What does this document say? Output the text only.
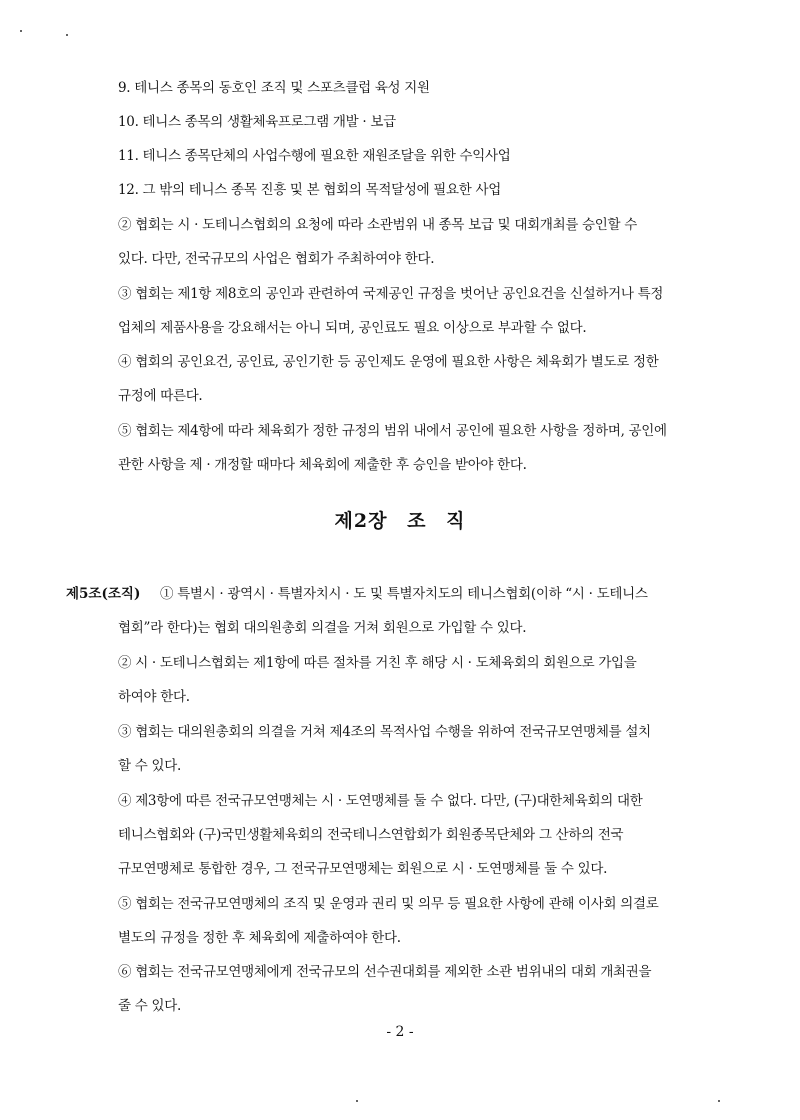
9. 테니스 종목의 동호인 조직 및 스포츠클럽 육성 지원
10. 테니스 종목의 생활체육프로그램 개발 · 보급
11. 테니스 종목단체의 사업수행에 필요한 재원조달을 위한 수익사업
12. 그 밖의 테니스 종목 진흥 및 본 협회의 목적달성에 필요한 사업
② 협회는 시 · 도테니스협회의 요청에 따라 소관범위 내 종목 보급 및 대회개최를 승인할 수
있다. 다만, 전국규모의 사업은 협회가 주최하여야 한다.
③ 협회는 제1항 제8호의 공인과 관련하여 국제공인 규정을 벗어난 공인요건을 신설하거나 특정
업체의 제품사용을 강요해서는 아니 되며, 공인료도 필요 이상으로 부과할 수 없다.
④ 협회의 공인요건, 공인료, 공인기한 등 공인제도 운영에 필요한 사항은 체육회가 별도로 정한
규정에 따른다.
⑤ 협회는 제4항에 따라 체육회가 정한 규정의 범위 내에서 공인에 필요한 사항을 정하며, 공인에
관한 사항을 제 · 개정할 때마다 체육회에 제출한 후 승인을 받아야 한다.
제2장 조 직
제5조(조직) ① 특별시 · 광역시 · 특별자치시 · 도 및 특별자치도의 테니스협회(이하 “시 · 도테니스
협회”라 한다)는 협회 대의원총회 의결을 거쳐 회원으로 가입할 수 있다.
② 시 · 도테니스협회는 제1항에 따른 절차를 거친 후 해당 시 · 도체육회의 회원으로 가입을
하여야 한다.
③ 협회는 대의원총회의 의결을 거쳐 제4조의 목적사업 수행을 위하여 전국규모연맹체를 설치
할 수 있다.
④ 제3항에 따른 전국규모연맹체는 시 · 도연맹체를 둘 수 없다. 다만, (구)대한체육회의 대한
테니스협회와 (구)국민생활체육회의 전국테니스연합회가 회원종목단체와 그 산하의 전국
규모연맹체로 통합한 경우, 그 전국규모연맹체는 회원으로 시 · 도연맹체를 둘 수 있다.
⑤ 협회는 전국규모연맹체의 조직 및 운영과 권리 및 의무 등 필요한 사항에 관해 이사회 의결로
별도의 규정을 정한 후 체육회에 제출하여야 한다.
⑥ 협회는 전국규모연맹체에게 전국규모의 선수권대회를 제외한 소관 범위내의 대회 개최권을
줄 수 있다.
- 2 -
